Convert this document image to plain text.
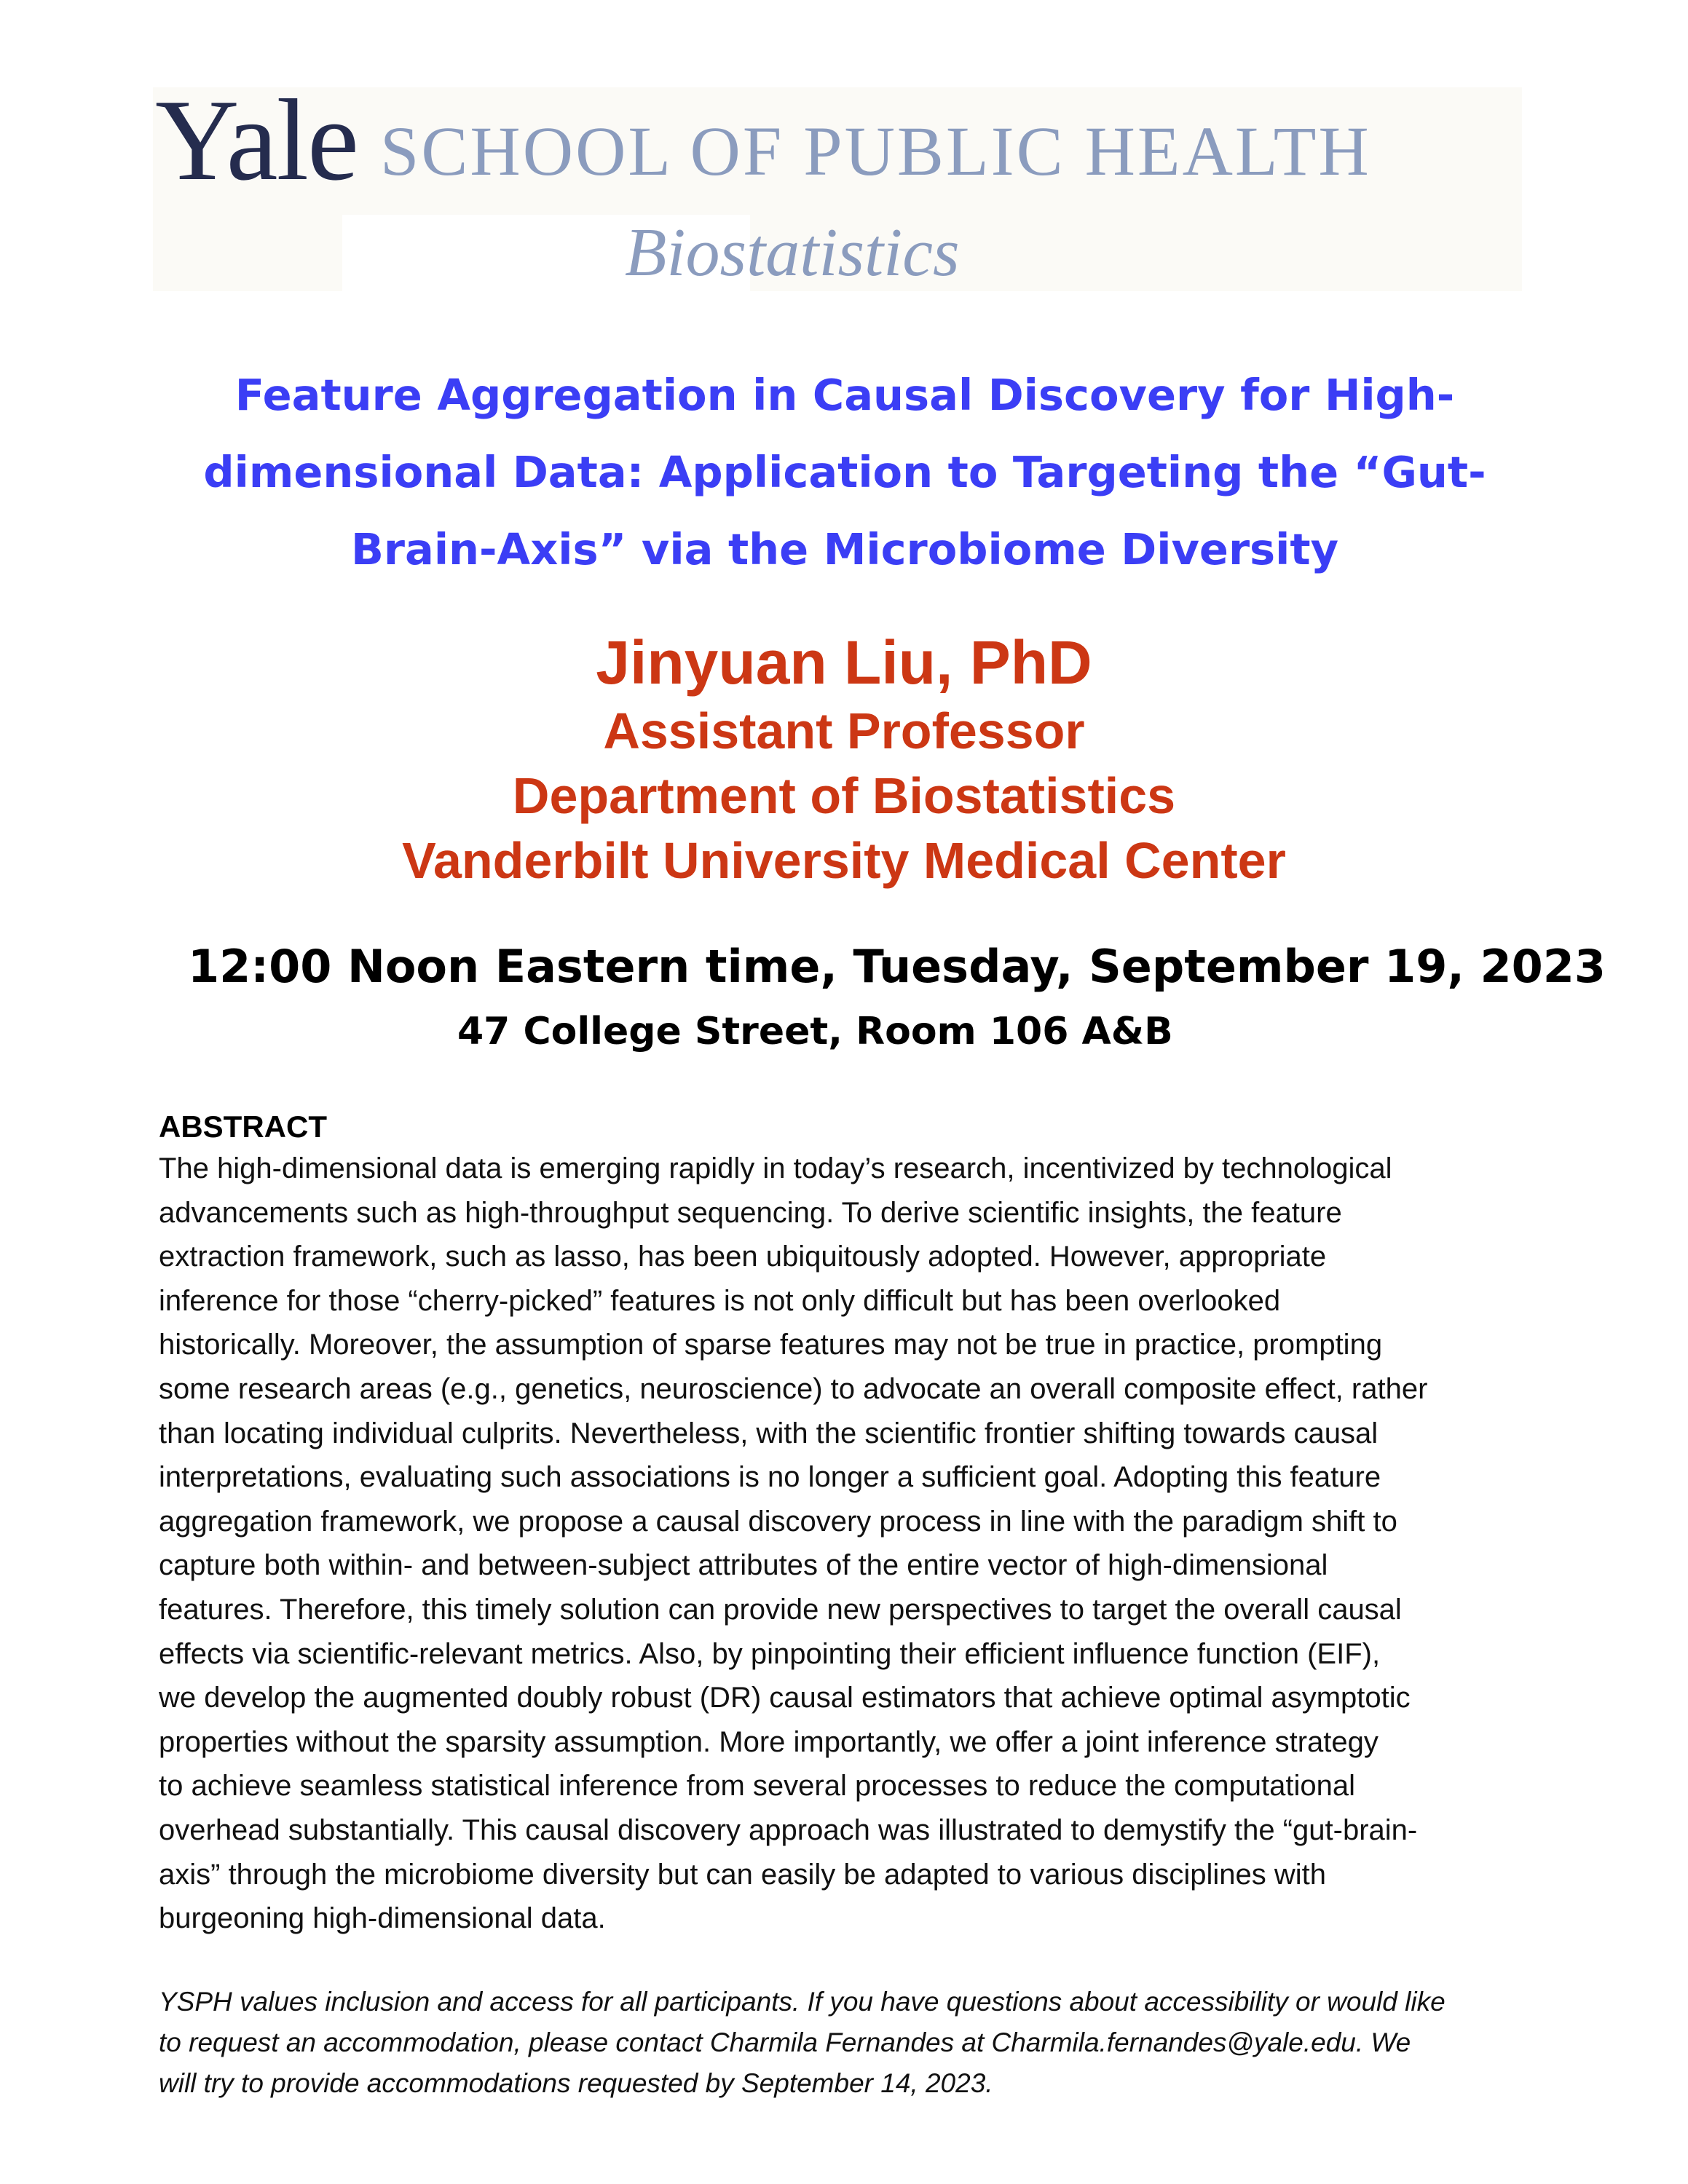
Yale SCHOOL OF PUBLIC HEALTH
Biostatistics
Feature Aggregation in Causal Discovery for High-
dimensional Data: Application to Targeting the “Gut-
Brain-Axis” via the Microbiome Diversity
Jinyuan Liu, PhD
Assistant Professor
Department of Biostatistics
Vanderbilt University Medical Center
12:00 Noon Eastern time, Tuesday, September 19, 2023
47 College Street, Room 106 A&B
ABSTRACT
The high-dimensional data is emerging rapidly in today’s research, incentivized by technological
advancements such as high-throughput sequencing. To derive scientific insights, the feature
extraction framework, such as lasso, has been ubiquitously adopted. However, appropriate
inference for those “cherry-picked” features is not only difficult but has been overlooked
historically. Moreover, the assumption of sparse features may not be true in practice, prompting
some research areas (e.g., genetics, neuroscience) to advocate an overall composite effect, rather
than locating individual culprits. Nevertheless, with the scientific frontier shifting towards causal
interpretations, evaluating such associations is no longer a sufficient goal. Adopting this feature
aggregation framework, we propose a causal discovery process in line with the paradigm shift to
capture both within- and between-subject attributes of the entire vector of high-dimensional
features. Therefore, this timely solution can provide new perspectives to target the overall causal
effects via scientific-relevant metrics. Also, by pinpointing their efficient influence function (EIF),
we develop the augmented doubly robust (DR) causal estimators that achieve optimal asymptotic
properties without the sparsity assumption. More importantly, we offer a joint inference strategy
to achieve seamless statistical inference from several processes to reduce the computational
overhead substantially. This causal discovery approach was illustrated to demystify the “gut-brain-
axis” through the microbiome diversity but can easily be adapted to various disciplines with
burgeoning high-dimensional data.
YSPH values inclusion and access for all participants. If you have questions about accessibility or would like
to request an accommodation, please contact Charmila Fernandes at Charmila.fernandes@yale.edu. We
will try to provide accommodations requested by September 14, 2023.
